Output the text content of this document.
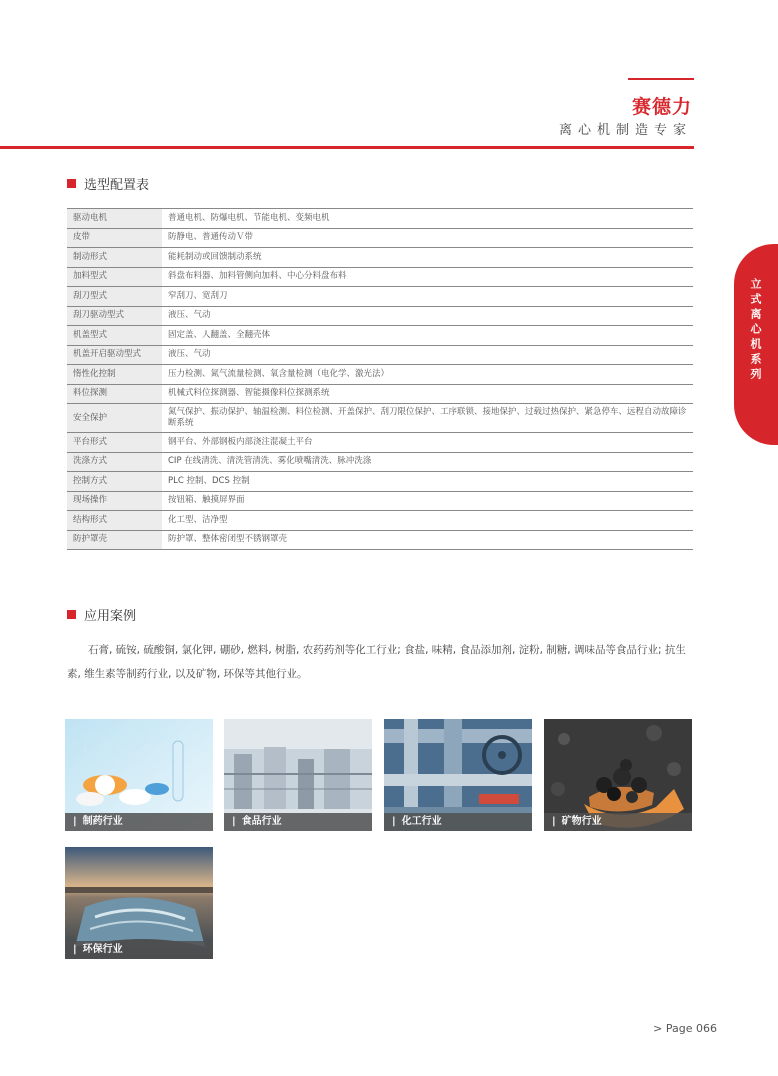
赛德力
离心机制造专家
选型配置表
驱动电机	普通电机、防爆电机、节能电机、变频电机
皮带	防静电、普通传动Ｖ带
制动形式	能耗制动或回馈制动系统
加料型式	斜盘布料器、加料管侧向加料、中心分料盘布料
刮刀型式	窄刮刀、宽刮刀
刮刀驱动型式	液压、气动
机盖型式	固定盖、人翻盖、全翻壳体
机盖开启驱动型式	液压、气动
惰性化控制	压力检测、氮气流量检测、氧含量检测（电化学、激光法）
料位探测	机械式料位探测器、智能摄像料位探测系统
安全保护	氮气保护、振动保护、轴温检测、料位检测、开盖保护、刮刀限位保护、工序联锁、接地保护、过载过热保护、紧急停车、远程自动故障诊断系统
平台形式	钢平台、外部钢板内部浇注混凝土平台
洗涤方式	CIP 在线清洗、清洗管清洗、雾化喷嘴清洗、脉冲洗涤
控制方式	PLC 控制、DCS 控制
现场操作	按钮箱、触摸屏界面
结构形式	化工型、洁净型
防护罩壳	防护罩、整体密闭型不锈钢罩壳
立式离心机系列
应用案例

石膏, 硫铵, 硫酸铜, 氯化钾, 硼砂, 燃料, 树脂, 农药药剂等化工行业; 食盐, 味精, 食品添加剂, 淀粉, 制糖, 调味品等食品行业; 抗生素, 维生素等制药行业, 以及矿物, 环保等其他行业。

| 制药行业	| 食品行业	| 化工行业	| 矿物行业
| 环保行业
> Page 066
